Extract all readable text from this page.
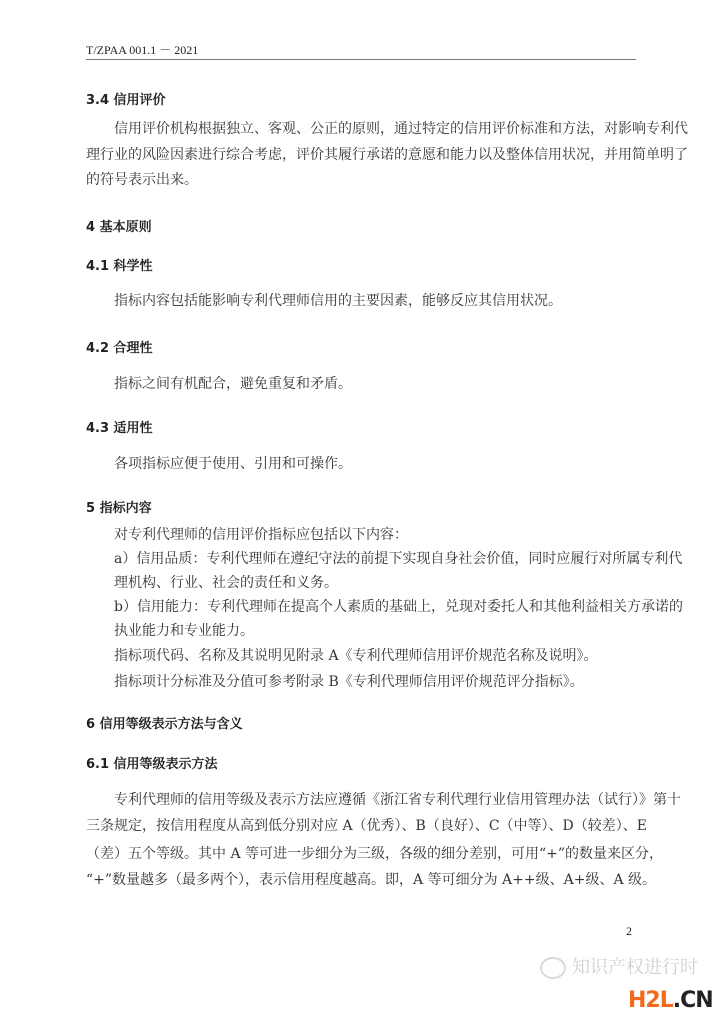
T/ZPAA 001.1 － 2021
3.4 信用评价
信用评价机构根据独立、客观、公正的原则，通过特定的信用评价标准和方法，对影响专利代
理行业的风险因素进行综合考虑，评价其履行承诺的意愿和能力以及整体信用状况，并用简单明了
的符号表示出来。
4 基本原则
4.1 科学性
指标内容包括能影响专利代理师信用的主要因素，能够反应其信用状况。
4.2 合理性
指标之间有机配合，避免重复和矛盾。
4.3 适用性
各项指标应便于使用、引用和可操作。
5 指标内容
对专利代理师的信用评价指标应包括以下内容：
a）信用品质：专利代理师在遵纪守法的前提下实现自身社会价值，同时应履行对所属专利代
理机构、行业、社会的责任和义务。
b）信用能力：专利代理师在提高个人素质的基础上，兑现对委托人和其他利益相关方承诺的
执业能力和专业能力。
指标项代码、名称及其说明见附录 A《专利代理师信用评价规范名称及说明》。
指标项计分标准及分值可参考附录 B《专利代理师信用评价规范评分指标》。
6 信用等级表示方法与含义
6.1 信用等级表示方法
专利代理师的信用等级及表示方法应遵循《浙江省专利代理行业信用管理办法（试行）》第十
三条规定，按信用程度从高到低分别对应 A（优秀）、B（良好）、C（中等）、D（较差）、E
（差）五个等级。其中 A 等可进一步细分为三级，各级的细分差别，可用“+”的数量来区分，
“+”数量越多（最多两个），表示信用程度越高。即，A 等可细分为 A++级、A+级、A 级。
2
知识产权进行时
H2L.CN
